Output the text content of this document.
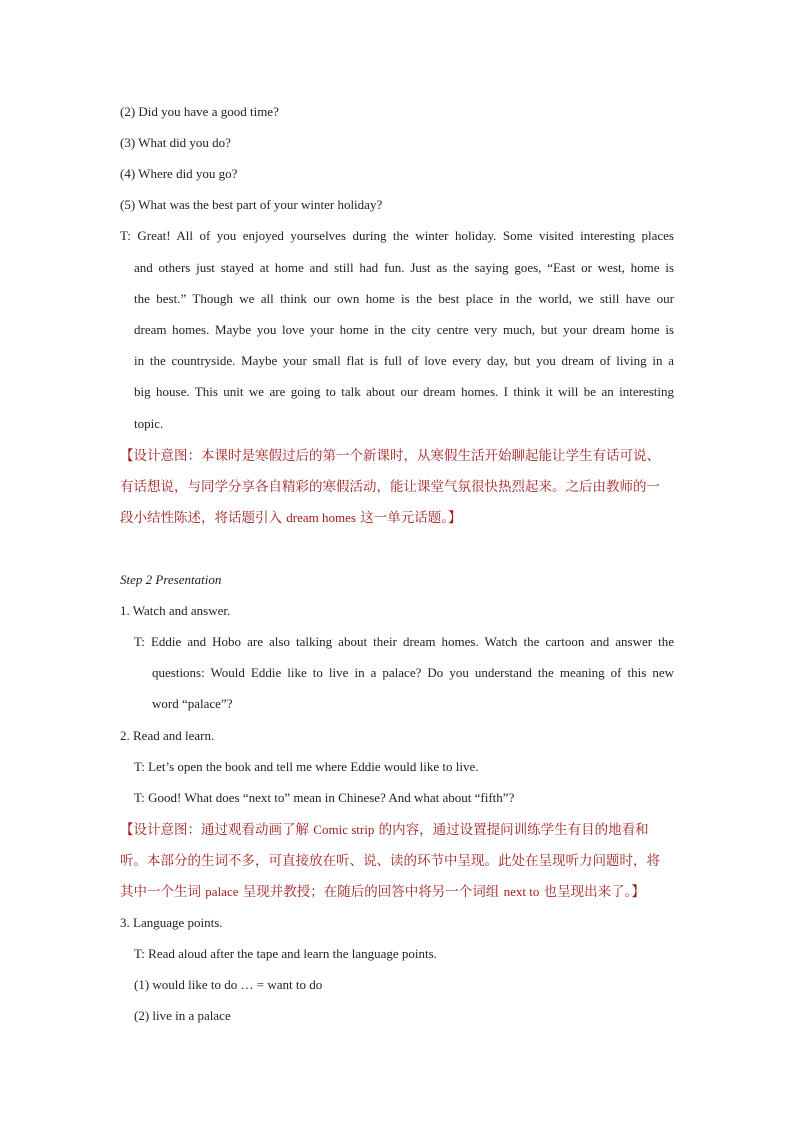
(2) Did you have a good time?
(3) What did you do?
(4) Where did you go?
(5) What was the best part of your winter holiday?
T: Great! All of you enjoyed yourselves during the winter holiday. Some visited interesting places
and others just stayed at home and still had fun. Just as the saying goes, “East or west, home is
the best.” Though we all think our own home is the best place in the world, we still have our
dream homes. Maybe you love your home in the city centre very much, but your dream home is
in the countryside. Maybe your small flat is full of love every day, but you dream of living in a
big house. This unit we are going to talk about our dream homes. I think it will be an interesting
topic.
【设计意图：本课时是寒假过后的第一个新课时，从寒假生活开始聊起能让学生有话可说、
有话想说，与同学分享各自精彩的寒假活动，能让课堂气氛很快热烈起来。之后由教师的一
段小结性陈述，将话题引入 dream homes 这一单元话题。】
Step 2 Presentation
1. Watch and answer.
T: Eddie and Hobo are also talking about their dream homes. Watch the cartoon and answer the
questions: Would Eddie like to live in a palace? Do you understand the meaning of this new
word “palace”?
2. Read and learn.
T: Let’s open the book and tell me where Eddie would like to live.
T: Good! What does “next to” mean in Chinese? And what about “fifth”?
【设计意图：通过观看动画了解 Comic strip 的内容，通过设置提问训练学生有目的地看和
听。本部分的生词不多，可直接放在听、说、读的环节中呈现。此处在呈现听力问题时，将
其中一个生词 palace 呈现并教授；在随后的回答中将另一个词组 next to 也呈现出来了。】
3. Language points.
T: Read aloud after the tape and learn the language points.
(1) would like to do … = want to do
(2) live in a palace
